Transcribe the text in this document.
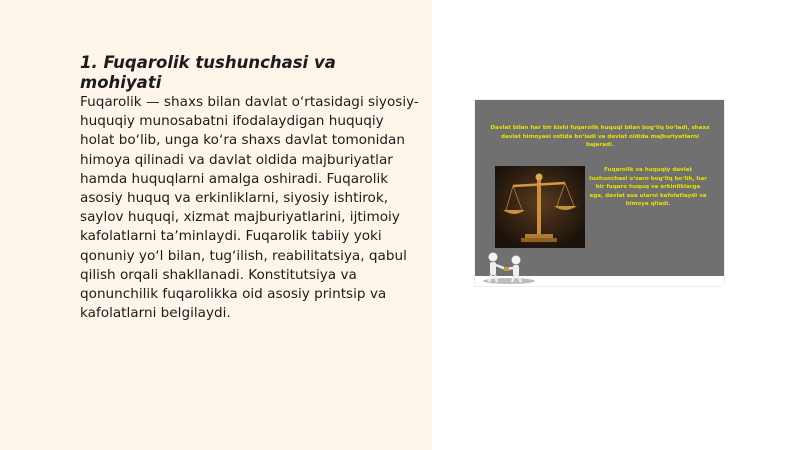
1. Fuqarolik tushunchasi va mohiyati

Fuqarolik — shaxs bilan davlat oʻrtasidagi siyosiy-huquqiy munosabatni ifodalaydigan huquqiy holat boʻlib, unga koʻra shaxs davlat tomonidan himoya qilinadi va davlat oldida majburiyatlar hamda huquqlarni amalga oshiradi. Fuqarolik asosiy huquq va erkinliklarni, siyosiy ishtirok, saylov huquqi, xizmat majburiyatlarini, ijtimoiy kafolatlarni taʼminlaydi. Fuqarolik tabiiy yoki qonuniy yoʻl bilan, tugʻilish, reabilitatsiya, qabul qilish orqali shakllanadi. Konstitutsiya va qonunchilik fuqarolikka oid asosiy printsip va kafolatlarni belgilaydi.

Davlat bilan har bir kishi fuqarolik huquqi bilan bogʻliq boʻladi, shaxs davlat himoyasi ostida boʻladi va davlat oldida majburiyatlarni bajaradi.

Fuqarolik va huquqiy davlat tushunchasi oʻzaro bogʻliq boʻlib, har bir fuqaro huquq va erkinliklarga ega, davlat esa ularni kafolatlaydi va himoya qiladi.
